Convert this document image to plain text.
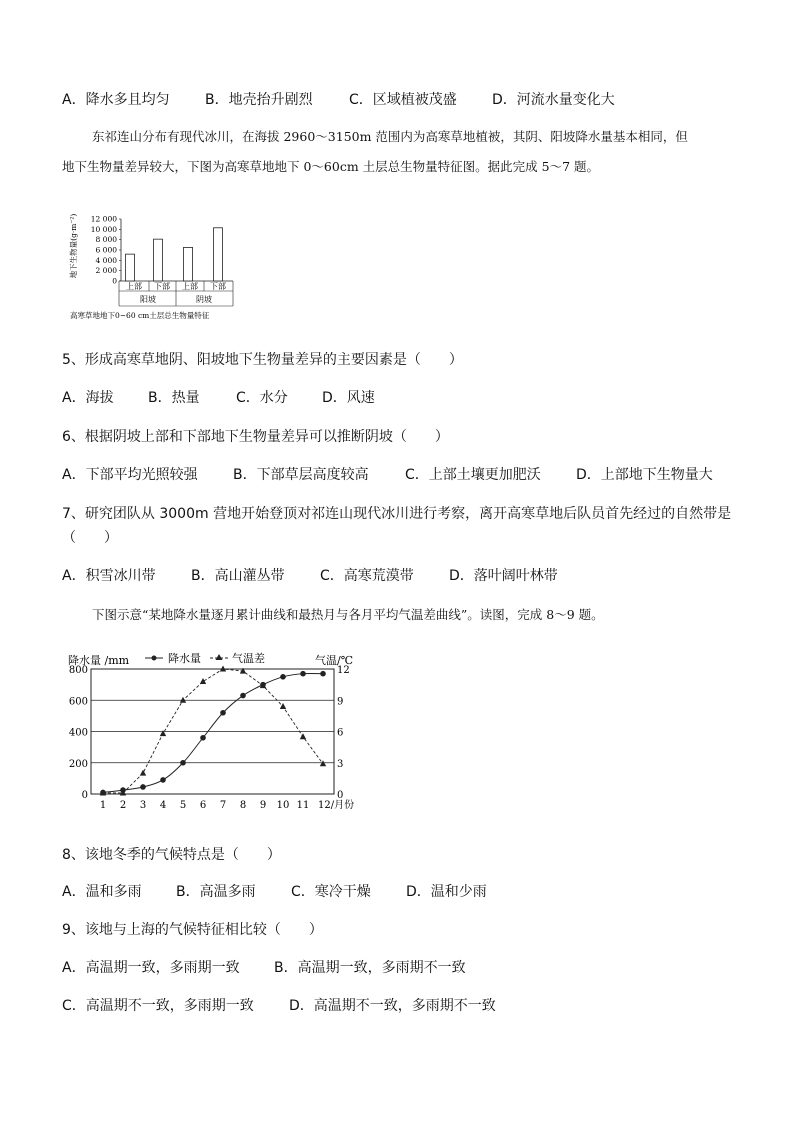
A．降水多且均匀	B．地壳抬升剧烈	C．区域植被茂盛	D．河流水量变化大
东祁连山分布有现代冰川，在海拔 2960～3150m 范围内为高寒草地植被，其阴、阳坡降水量基本相同，但
地下生物量差异较大，下图为高寒草地地下 0～60cm 土层总生物量特征图。据此完成 5～7 题。
地下生物量(g·m⁻²) 12 000
10 000
8 000
6 000
4 000
2 000
0
上部 下部 上部 下部
阳坡	阴坡
高寒草地地下0~60 cm土层总生物量特征
5、形成高寒草地阴、阳坡地下生物量差异的主要因素是（　　）
A．海拔 B．热量	C．水分 D．风速
6、根据阴坡上部和下部地下生物量差异可以推断阴坡（　　）
A．下部平均光照较强	B．下部草层高度较高	C．上部土壤更加肥沃	D．上部地下生物量大
7、研究团队从 3000m 营地开始登顶对祁连山现代冰川进行考察，离开高寒草地后队员首先经过的自然带是
（　　）
A．积雪冰川带	B．高山灌丛带	C．高寒荒漠带	D．落叶阔叶林带
下图示意“某地降水量逐月累计曲线和最热月与各月平均气温差曲线”。读图，完成 8～9 题。
降水量 /mm	气温/℃
降水量	气温差
800
600
400
200
0
12
9
6
3
0
1 2 3 4 5 6 7 8 9 10 11 12/月份
8、该地冬季的气候特点是（　　）
A．温和多雨 B．高温多雨	C．寒冷干燥	D．温和少雨
9、该地与上海的气候特征相比较（　　）
A．高温期一致，多雨期一致 B．高温期一致，多雨期不一致
C．高温期不一致，多雨期一致	D．高温期不一致，多雨期不一致
